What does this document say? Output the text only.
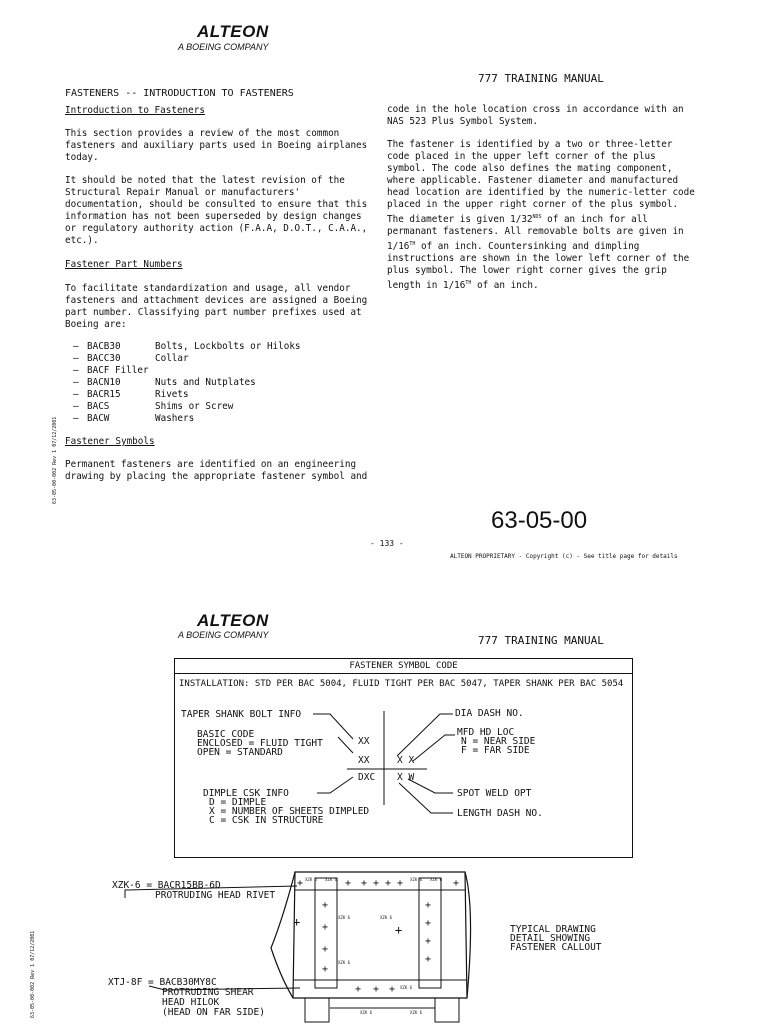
ALTEON
A BOEING COMPANY
777 TRAINING MANUAL
FASTENERS -- INTRODUCTION TO FASTENERS
Introduction to Fasteners
This section provides a review of the most common fasteners and auxiliary parts used in Boeing airplanes today.
It should be noted that the latest revision of the Structural Repair Manual or manufacturers' documentation, should be consulted to ensure that this information has not been superseded by design changes or regulatory authority action (F.A.A, D.O.T., C.A.A., etc.).
Fastener Part Numbers
To facilitate standardization and usage, all vendor fasteners and attachment devices are assigned a Boeing part number. Classifying part number prefixes used at Boeing are:
– BACB30	Bolts, Lockbolts or Hiloks
– BACC30	Collar
– BACF Filler
– BACN10	Nuts and Nutplates
– BACR15	Rivets
– BACS	Shims or Screw
– BACW	Washers
Fastener Symbols
Permanent fasteners are identified on an engineering drawing by placing the appropriate fastener symbol and
code in the hole location cross in accordance with an NAS 523 Plus Symbol System.
The fastener is identified by a two or three-letter code placed in the upper left corner of the plus symbol. The code also defines the mating component, where applicable. Fastener diameter and manufactured head location are identified by the numeric-letter code placed in the upper right corner of the plus symbol. The diameter is given $1/32^{NDS}$ of an inch for all permanant fasteners. All removable bolts are given in 1/16TH of an inch. Countersinking and dimpling instructions are shown in the lower left corner of the plus symbol. The lower right corner gives the grip length in 1/16TH of an inch.
63-05-00
- 133 -
ALTEON PROPRIETARY - Copyright (c) - See title page for details
63-05-00-002 Rev 1 07/12/2001
ALTEON
A BOEING COMPANY	777 TRAINING MANUAL
FASTENER SYMBOL CODE
INSTALLATION: STD PER BAC 5004, FLUID TIGHT PER BAC 5047, TAPER SHANK PER BAC 5054
TAPER SHANK BOLT INFO
BASIC CODE
ENCLOSED = FLUID TIGHT
OPEN = STANDARD
DIMPLE CSK INFO
D = DIMPLE
X = NUMBER OF SHEETS DIMPLED
C = CSK IN STRUCTURE
DIA DASH NO.
MFD HD LOC
N = NEAR SIDE
F = FAR SIDE
SPOT WELD OPT
LENGTH DASH NO.
XX
XX	X X
DXC X W
+	+ + + + +	+
+
+
+
+
+
+
+
+
+
+
+ + +
XZK 6 XZK 6	XZK 6 XZK 6
XZK 6	XZK 6
XZK 6
XZK 6
XZK 6	XZK 6
XZK-6 = BACR15BB-6D
PROTRUDING HEAD RIVET
XTJ-8F = BACB30MY8C
PROTRUDING SHEAR
HEAD HILOK
(HEAD ON FAR SIDE)
TYPICAL DRAWING
DETAIL SHOWING
FASTENER CALLOUT
63-05-00-002 Rev 1 07/12/2001
